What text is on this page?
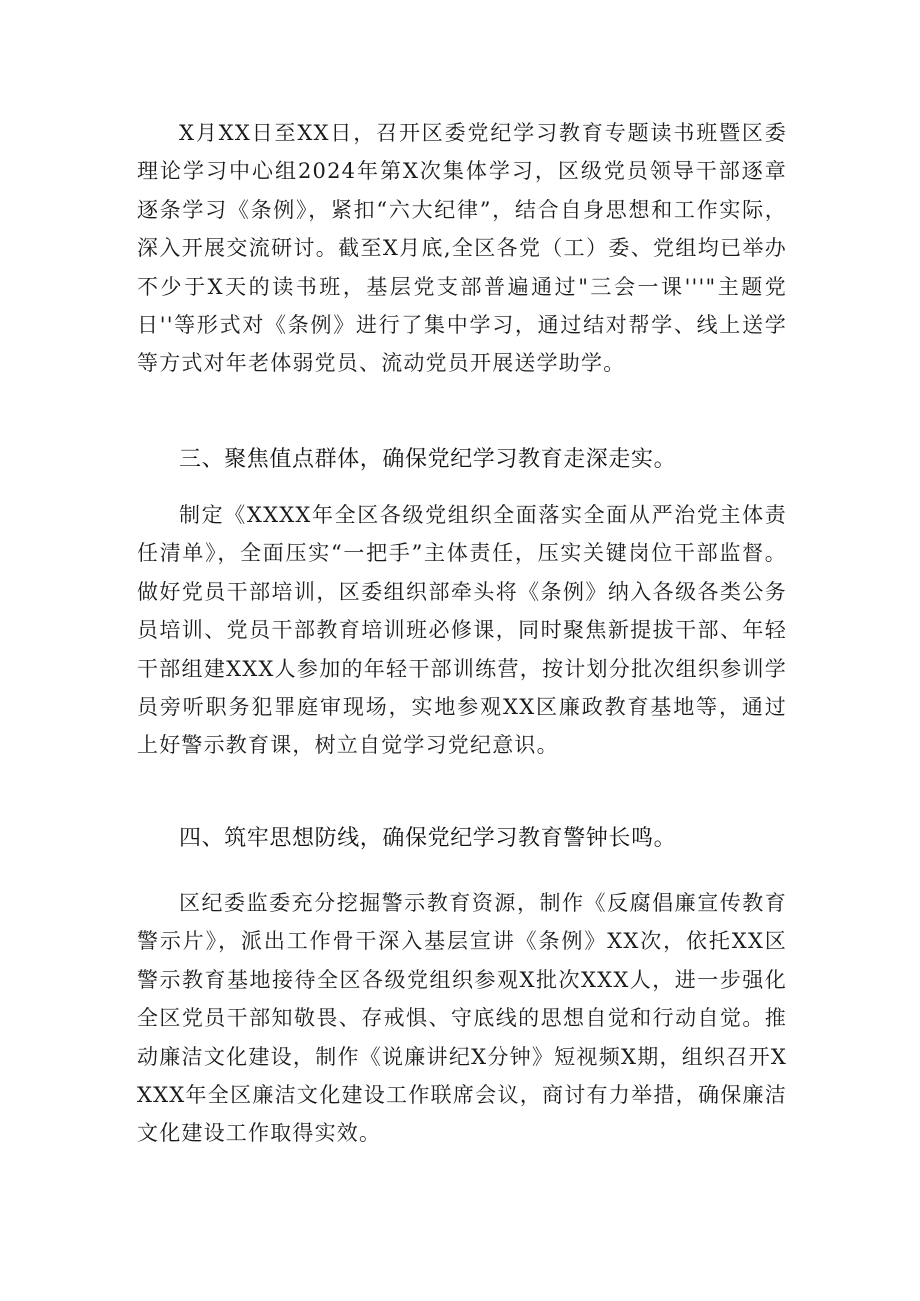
X月XX日至XX日，召开区委党纪学习教育专题读书班暨区委理论学习中心组2024年第X次集体学习，区级党员领导干部逐章逐条学习《条例》，紧扣“六大纪律”，结合自身思想和工作实际，深入开展交流研讨。截至X月底,全区各党（工）委、党组均已举办不少于X天的读书班，基层党支部普遍通过"三会一课'''"主题党日''等形式对《条例》进行了集中学习，通过结对帮学、线上送学等方式对年老体弱党员、流动党员开展送学助学。

三、聚焦值点群体，确保党纪学习教育走深走实。

制定《XXXX年全区各级党组织全面落实全面从严治党主体责任清单》，全面压实“一把手”主体责任，压实关键岗位干部监督。做好党员干部培训，区委组织部牵头将《条例》纳入各级各类公务员培训、党员干部教育培训班必修课，同时聚焦新提拔干部、年轻干部组建XXX人参加的年轻干部训练营，按计划分批次组织参训学员旁听职务犯罪庭审现场，实地参观XX区廉政教育基地等，通过上好警示教育课，树立自觉学习党纪意识。

四、筑牢思想防线，确保党纪学习教育警钟长鸣。

区纪委监委充分挖掘警示教育资源，制作《反腐倡廉宣传教育警示片》，派出工作骨干深入基层宣讲《条例》XX次，依托XX区警示教育基地接待全区各级党组织参观X批次XXX人，进一步强化全区党员干部知敬畏、存戒惧、守底线的思想自觉和行动自觉。推动廉洁文化建设，制作《说廉讲纪X分钟》短视频X期，组织召开XXXX年全区廉洁文化建设工作联席会议，商讨有力举措，确保廉洁文化建设工作取得实效。
